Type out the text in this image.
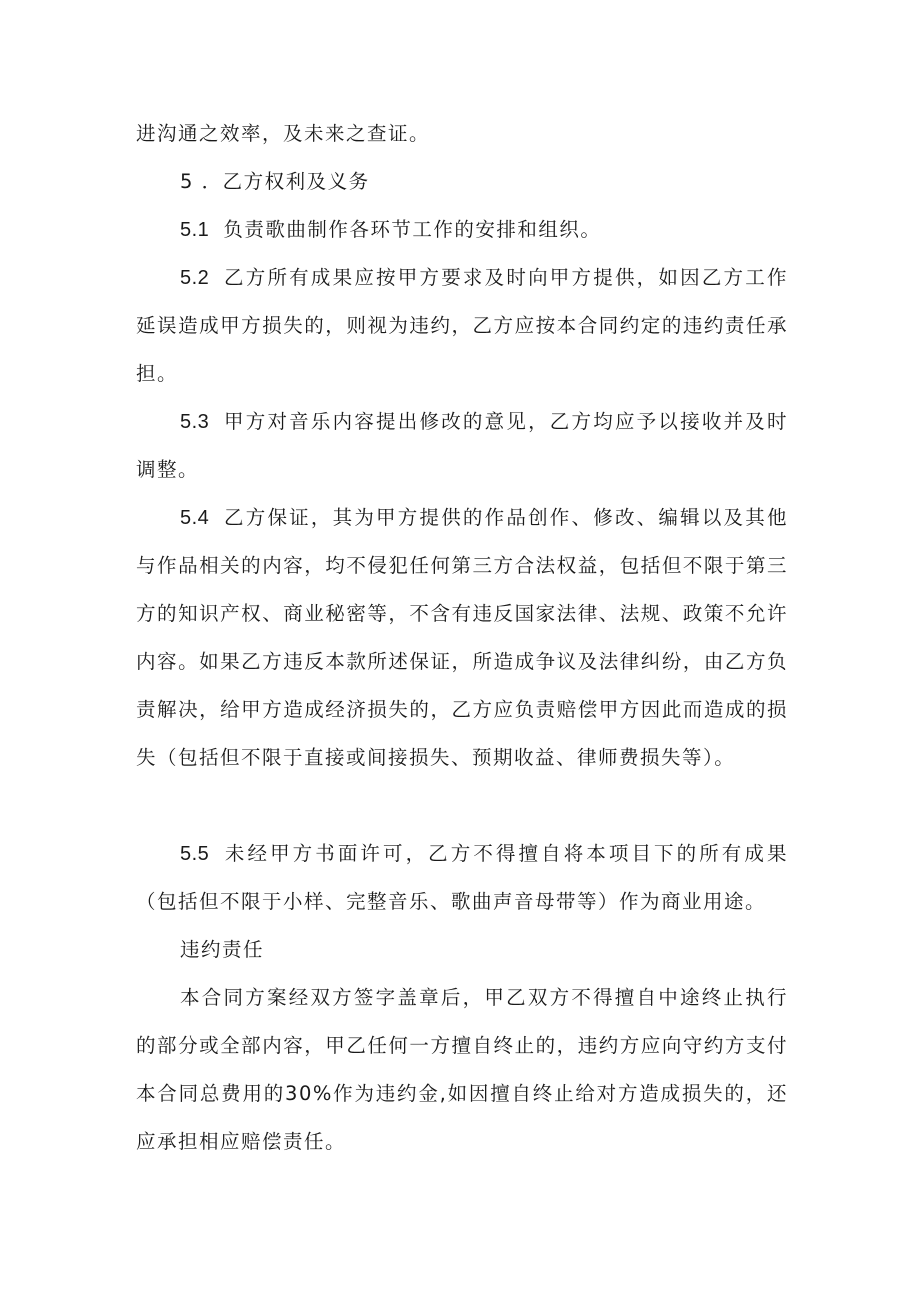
进沟通之效率，及未来之查证。

5 ．乙方权利及义务

5.1 负责歌曲制作各环节工作的安排和组织。

5.2 乙方所有成果应按甲方要求及时向甲方提供，如因乙方工作延误造成甲方损失的，则视为违约，乙方应按本合同约定的违约责任承担。

5.3 甲方对音乐内容提出修改的意见，乙方均应予以接收并及时调整。

5.4 乙方保证，其为甲方提供的作品创作、修改、编辑以及其他与作品相关的内容，均不侵犯任何第三方合法权益，包括但不限于第三方的知识产权、商业秘密等，不含有违反国家法律、法规、政策不允许内容。如果乙方违反本款所述保证，所造成争议及法律纠纷，由乙方负责解决，给甲方造成经济损失的，乙方应负责赔偿甲方因此而造成的损失（包括但不限于直接或间接损失、预期收益、律师费损失等）。

5.5 未经甲方书面许可，乙方不得擅自将本项目下的所有成果（包括但不限于小样、完整音乐、歌曲声音母带等）作为商业用途。

违约责任

本合同方案经双方签字盖章后，甲乙双方不得擅自中途终止执行的部分或全部内容，甲乙任何一方擅自终止的，违约方应向守约方支付本合同总费用的30%作为违约金,如因擅自终止给对方造成损失的，还应承担相应赔偿责任。
